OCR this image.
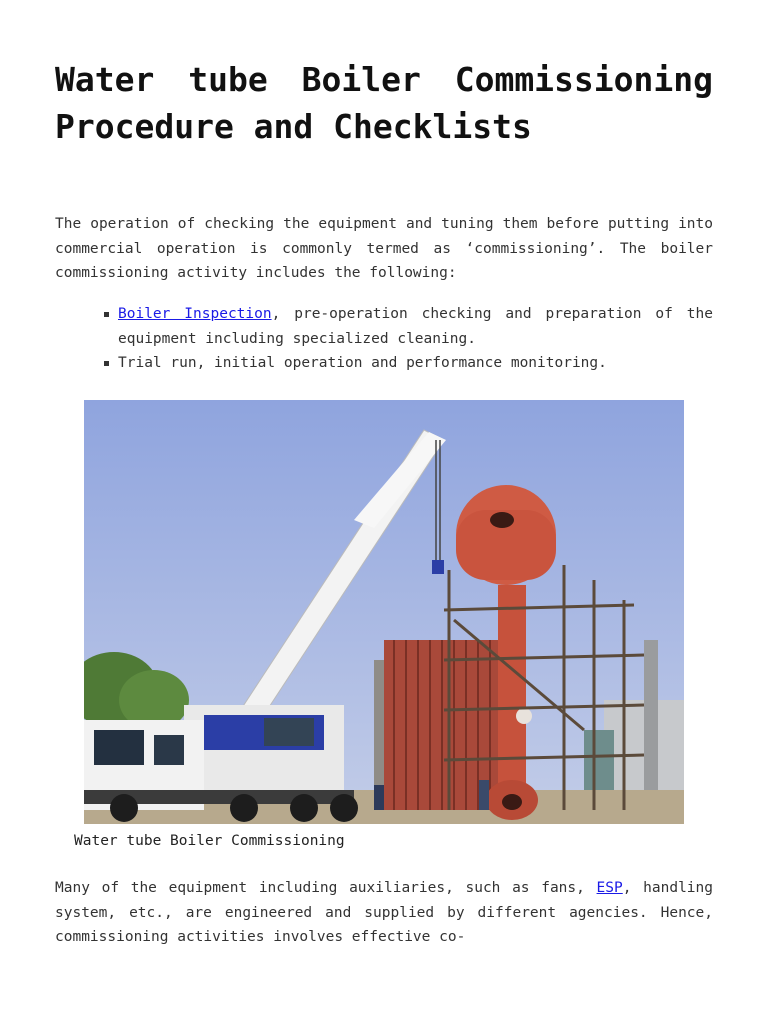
Water tube Boiler Commissioning Procedure and Checklists

The operation of checking the equipment and tuning them before putting into commercial operation is commonly termed as ‘commissioning’. The boiler commissioning activity includes the following:

Boiler Inspection, pre-operation checking and preparation of the equipment including specialized cleaning.
Trial run, initial operation and performance monitoring.

Water tube Boiler Commissioning

Many of the equipment including auxiliaries, such as fans, ESP, handling system, etc., are engineered and supplied by different agencies. Hence, commissioning activities involves effective co-
